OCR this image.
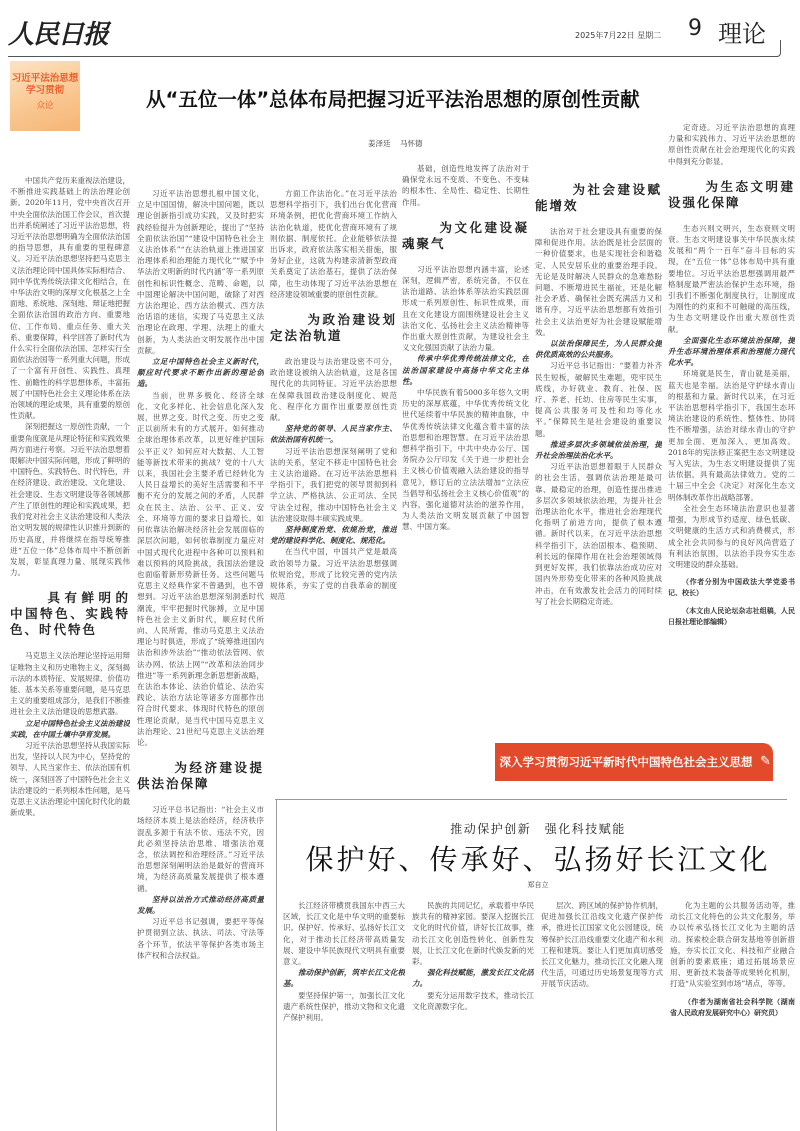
人民日报	2025年7月22日 星期二 9 理论
习近平法治思想
学习贯彻
众论	从“五位一体”总体布局把握习近平法治思想的原创性贡献
姜泽廷 马怀德

中国共产党历来重视法治建设，不断推进实践基础上的法治理论创新。2020年11月，党中央首次召开中央全面依法治国工作会议，首次提出并系统阐述了习近平法治思想，将习近平法治思想明确为全面依法治国的指导思想，具有重要的里程碑意义。习近平法治思想坚持把马克思主义法治理论同中国具体实际相结合、同中华优秀传统法律文化相结合，在中华法治文明的深厚文化根基之上全面地、系统地、深刻地、辩证地把握全面依法治国的政治方向、重要地位、工作布局、重点任务、重大关系、重要保障，科学回答了新时代为什么实行全面依法治国、怎样实行全面依法治国等一系列重大问题，形成了一个富有开创性、实践性、真理性、前瞻性的科学思想体系，丰富拓展了中国特色社会主义理论体系在法治领域的理论成果，具有重要的原创性贡献。

深刻把握这一原创性贡献，一个重要角度就是从理论特征和实践效果两方面进行考察。习近平法治思想着眼解决中国实际问题，形成了鲜明的中国特色、实践特色、时代特色，并在经济建设、政治建设、文化建设、社会建设、生态文明建设等各领域都产生了原创性的理论和实践成果，把我们党对社会主义法治建设和人类法治文明发展的规律性认识推升到新的历史高度，并将继续在指导统筹推进“五位一体”总体布局中不断创新发展，彰显真理力量、展现实践伟力。

具有鲜明的中国特色、实践特色、时代特色

马克思主义法治理论坚持运用辩证唯物主义和历史唯物主义，深刻揭示法的本质特征、发展规律、价值功能、基本关系等重要问题，是马克思主义的重要组成部分，是我们不断推进社会主义法治建设的思想武器。

立足中国特色社会主义法治建设实践，在中国土壤中孕育发展。

习近平法治思想坚持从我国实际出发，坚持以人民为中心，坚持党的领导、人民当家作主、依法治国有机统一，深刻回答了中国特色社会主义法治建设的一系列根本性问题，是马克思主义法治理论中国化时代化的最新成果。

习近平法治思想扎根中国文化，立足中国国情，解决中国问题，既以理论创新指引成功实践，又及时把实践经验提升为创新理论，提出了“坚持全面依法治国”“建设中国特色社会主义法治体系”“在法治轨道上推进国家治理体系和治理能力现代化”“赋予中华法治文明新的时代内涵”等一系列原创性和标识性概念、范畴、命题，以中国理论解决中国问题，破除了对西方法治理论、西方法治模式、西方法治话语的迷信，实现了马克思主义法治理论在政理、学理、法理上的重大创新，为人类法治文明发展作出中国贡献。

立足中国特色社会主义新时代，顺应时代要求不断作出新的理论创造。

当前，世界多极化、经济全球化、文化多样化、社会信息化深入发展，世界之变、时代之变、历史之变正以前所未有的方式展开。如何推动全球治理体系改革，以更好维护国际公平正义？如何应对大数据、人工智能等新技术带来的挑战？党的十八大以来，我国社会主要矛盾已经转化为人民日益增长的美好生活需要和不平衡不充分的发展之间的矛盾，人民群众在民主、法治、公平、正义、安全、环境等方面的要求日益增长。如何依靠法治解决经济社会发展面临的深层次问题，如何依靠制度力量应对中国式现代化进程中各种可以预料和难以预料的风险挑战，我国法治建设也面临着新形势新任务。这些问题马克思主义经典作家不曾遇到，也不曾想到。习近平法治思想深刻洞悉时代潮流，牢牢把握时代脉搏，立足中国特色社会主义新时代，顺应时代所向、人民所需，推动马克思主义法治理论与时俱进，形成了“统筹推进国内法治和涉外法治”“推动依法管网、依法办网、依法上网”“改革和法治同步推进”等一系列新理念新思想新战略，在法治本体论、法治价值论、法治实践论、法治方法论等诸多方面都作出符合时代要求、体现时代特色的原创性理论贡献，是当代中国马克思主义法治理论、21世纪马克思主义法治理论。

为经济建设提供法治保障

习近平总书记指出：“社会主义市场经济本质上是法治经济，经济秩序混乱多源于有法不依、违法不究，因此必须坚持法治思维、增强法治观念，依法调控和治理经济。”习近平法治思想深刻阐明法治是最好的营商环境，为经济高质量发展提供了根本遵循。

坚持以法治方式推动经济高质量发展。

习近平总书记强调，要把平等保护贯彻到立法、执法、司法、守法等各个环节，依法平等保护各类市场主体产权和合法权益。

方面工作法治化。”在习近平法治思想科学指引下，我们出台优化营商环境条例，把优化营商环境工作纳入法治化轨道，使优化营商环境有了规则依据、制度依托。企业能够依法提出诉求，政府依法落实相关措施，服务好企业，这就为构建亲清新型政商关系奠定了法治基石，提供了法治保障，也生动体现了习近平法治思想在经济建设领域重要的原创性贡献。

为政治建设划定法治轨道

政治建设与法治建设密不可分，政治建设被纳入法治轨道，这是各国现代化的共同特征。习近平法治思想在保障我国政治建设制度化、规范化、程序化方面作出重要原创性贡献。

坚持党的领导、人民当家作主、依法治国有机统一。

习近平法治思想深刻阐明了党和法的关系，坚定不移走中国特色社会主义法治道路。在习近平法治思想科学指引下，我们把党的领导贯彻到科学立法、严格执法、公正司法、全民守法全过程，推动中国特色社会主义法治建设取得丰硕实践成果。

坚持制度治党、依规治党，推进党的建设科学化、制度化、规范化。

在当代中国，中国共产党是最高政治领导力量。习近平法治思想强调依规治党，形成了比较完善的党内法规体系，夯实了党的自我革命的制度规范

基础，创造性地发挥了法治对于确保党永远不变质、不变色、不变味的根本性、全局性、稳定性、长期性作用。

为文化建设凝魂聚气

习近平法治思想内涵丰富，论述深刻，逻辑严密，系统完备，不仅在法治道路、法治体系等法治实践层面形成一系列原创性、标识性成果，而且在文化建设方面围绕建设社会主义法治文化、弘扬社会主义法治精神等作出重大原创性贡献，为建设社会主义文化强国贡献了法治力量。

传承中华优秀传统法律文化，在法治国家建设中高扬中华文化主体性。

中华民族有着5000多年悠久文明历史的深厚底蕴，中华优秀传统文化世代延续着中华民族的精神血脉，中华优秀传统法律文化蕴含着丰富的法治思想和治理智慧。在习近平法治思想科学指引下，中共中央办公厅、国务院办公厅印发《关于进一步把社会主义核心价值观融入法治建设的指导意见》，修订后的立法法增加“立法应当倡导和弘扬社会主义核心价值观”的内容，强化道德对法治的滋养作用，为人类法治文明发展贡献了中国智慧、中国方案。

为社会建设赋能增效

法治对于社会建设具有重要的保障和促进作用。法治既是社会层面的一种价值要求，也是实现社会和谐稳定、人民安居乐业的重要治理手段。无论是及时解决人民群众的急难愁盼问题、不断增进民生福祉，还是化解社会矛盾、确保社会既充满活力又和谐有序，习近平法治思想都有效指引社会主义法治更好为社会建设赋能增效。

以法治保障民生，为人民群众提供优质高效的公共服务。

习近平总书记指出：“要着力补齐民生短板，破解民生难题，兜牢民生底线，办好就业、教育、社保、医疗、养老、托幼、住房等民生实事，提高公共服务可及性和均等化水平。”保障民生是社会建设的重要议题。

推进多层次多领域依法治理，提升社会治理法治化水平。

习近平法治思想着眼于人民群众的社会生活，强调依法治理是最可靠、最稳定的治理，创造性提出推进多层次多领域依法治理，为提升社会治理法治化水平，推进社会治理现代化指明了前进方向，提供了根本遵循。新时代以来，在习近平法治思想科学指引下，法治固根本、稳预期、利长远的保障作用在社会治理领域得到更好发挥，我们依靠法治成功应对国内外形势变化带来的各种风险挑战冲击，在有效激发社会活力的同时续写了社会长期稳定奇迹。

定奇迹。习近平法治思想的真理力量和实践伟力、习近平法治思想的原创性贡献在社会治理现代化的实践中得到充分彰显。

为生态文明建设强化保障

生态兴则文明兴，生态衰则文明衰。生态文明建设事关中华民族永续发展和“两个一百年”奋斗目标的实现，在“五位一体”总体布局中具有重要地位。习近平法治思想强调用最严格制度最严密法治保护生态环境，指引我们不断强化制度执行，让制度成为刚性的约束和不可触碰的高压线，为生态文明建设作出重大原创性贡献。

全面强化生态环境法治保障，提升生态环境治理体系和治理能力现代化水平。

环境就是民生，青山就是美丽，蓝天也是幸福。法治是守护绿水青山的根基和力量。新时代以来，在习近平法治思想科学指引下，我国生态环境法治建设的系统性、整体性、协同性不断增强，法治对绿水青山的守护更加全面、更加深入、更加高效。2018年的宪法修正案把生态文明建设写入宪法，为生态文明建设提供了宪法依据，具有最高法律效力。党的二十届三中全会《决定》对深化生态文明体制改革作出战略部署。

全社会生态环境法治意识也显著增强，为形成节约适度、绿色低碳、文明健康的生活方式和消费模式，形成全社会共同参与的良好风尚营造了有利法治氛围，以法治手段夯实生态文明建设的群众基础。

（作者分别为中国政法大学党委书记、校长）

（本文由人民论坛杂志社组稿，人民日报社理论部编辑）

深入学习贯彻习近平新时代中国特色社会主义思想 ✎
推动保护创新　强化科技赋能
保护好、传承好、弘扬好长江文化
郑自立

长江经济带横贯我国东中西三大区域，长江文化是中华文明的重要标识。保护好、传承好、弘扬好长江文化，对于推动长江经济带高质量发展、建设中华民族现代文明具有重要意义。

推动保护创新，筑牢长江文化根基。

要坚持保护第一，加强长江文化遗产系统性保护，推动文物和文化遗产保护利用。

民族的共同记忆，承载着中华民族共有的精神家园。要深入挖掘长江文化的时代价值，讲好长江故事，推动长江文化创造性转化、创新性发展，让长江文化在新时代焕发新的光彩。

强化科技赋能，激发长江文化活力。

要充分运用数字技术，推动长江文化资源数字化。

层次、跨区域的保护协作机制，促进加强长江沿线文化遗产保护传承，推进长江国家文化公园建设，统筹保护长江沿线重要文化遗产和水利工程和建筑。要让人们更加真切感受长江文化魅力，推动长江文化融入现代生活，可通过历史场景复现等方式开展节庆活动。

化为主题的公共服务活动等，推动长江文化特色的公共文化服务，举办以传承弘扬长江文化为主题的活动。探索校企联合研发基地等创新措施，夯实长江文化、科技和产业融合创新的要素底座；通过拓展场景应用、更新技术装备等成果转化机制，打造“从实验室到市场”堵点，等等。

（作者为湖南省社会科学院（湖南省人民政府发展研究中心）研究员）
